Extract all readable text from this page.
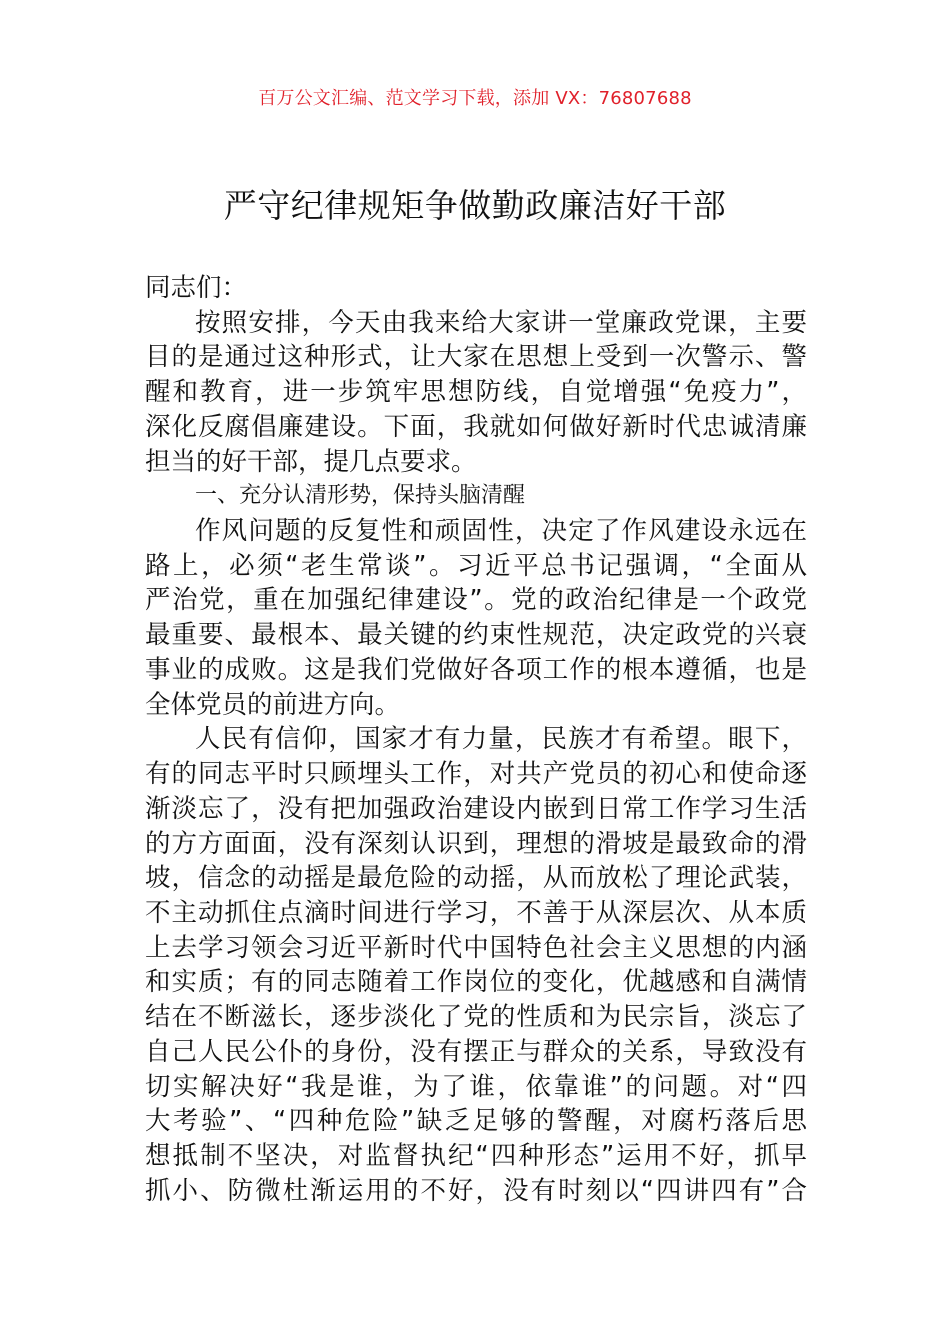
百万公文汇编、范文学习下载，添加 VX：76807688
严守纪律规矩争做勤政廉洁好干部
同志们：
按照安排，今天由我来给大家讲一堂廉政党课，主要
目的是通过这种形式，让大家在思想上受到一次警示、警
醒和教育，进一步筑牢思想防线，自觉增强“免疫力”，
深化反腐倡廉建设。下面，我就如何做好新时代忠诚清廉
担当的好干部，提几点要求。
一、充分认清形势，保持头脑清醒
作风问题的反复性和顽固性，决定了作风建设永远在
路上，必须“老生常谈”。习近平总书记强调，“全面从
严治党，重在加强纪律建设”。党的政治纪律是一个政党
最重要、最根本、最关键的约束性规范，决定政党的兴衰
事业的成败。这是我们党做好各项工作的根本遵循，也是
全体党员的前进方向。
人民有信仰，国家才有力量，民族才有希望。眼下，
有的同志平时只顾埋头工作，对共产党员的初心和使命逐
渐淡忘了，没有把加强政治建设内嵌到日常工作学习生活
的方方面面，没有深刻认识到，理想的滑坡是最致命的滑
坡，信念的动摇是最危险的动摇，从而放松了理论武装，
不主动抓住点滴时间进行学习，不善于从深层次、从本质
上去学习领会习近平新时代中国特色社会主义思想的内涵
和实质；有的同志随着工作岗位的变化，优越感和自满情
结在不断滋长，逐步淡化了党的性质和为民宗旨，淡忘了
自己人民公仆的身份，没有摆正与群众的关系，导致没有
切实解决好“我是谁，为了谁，依靠谁”的问题。对“四
大考验”、“四种危险”缺乏足够的警醒，对腐朽落后思
想抵制不坚决，对监督执纪“四种形态”运用不好，抓早
抓小、防微杜渐运用的不好，没有时刻以“四讲四有”合
